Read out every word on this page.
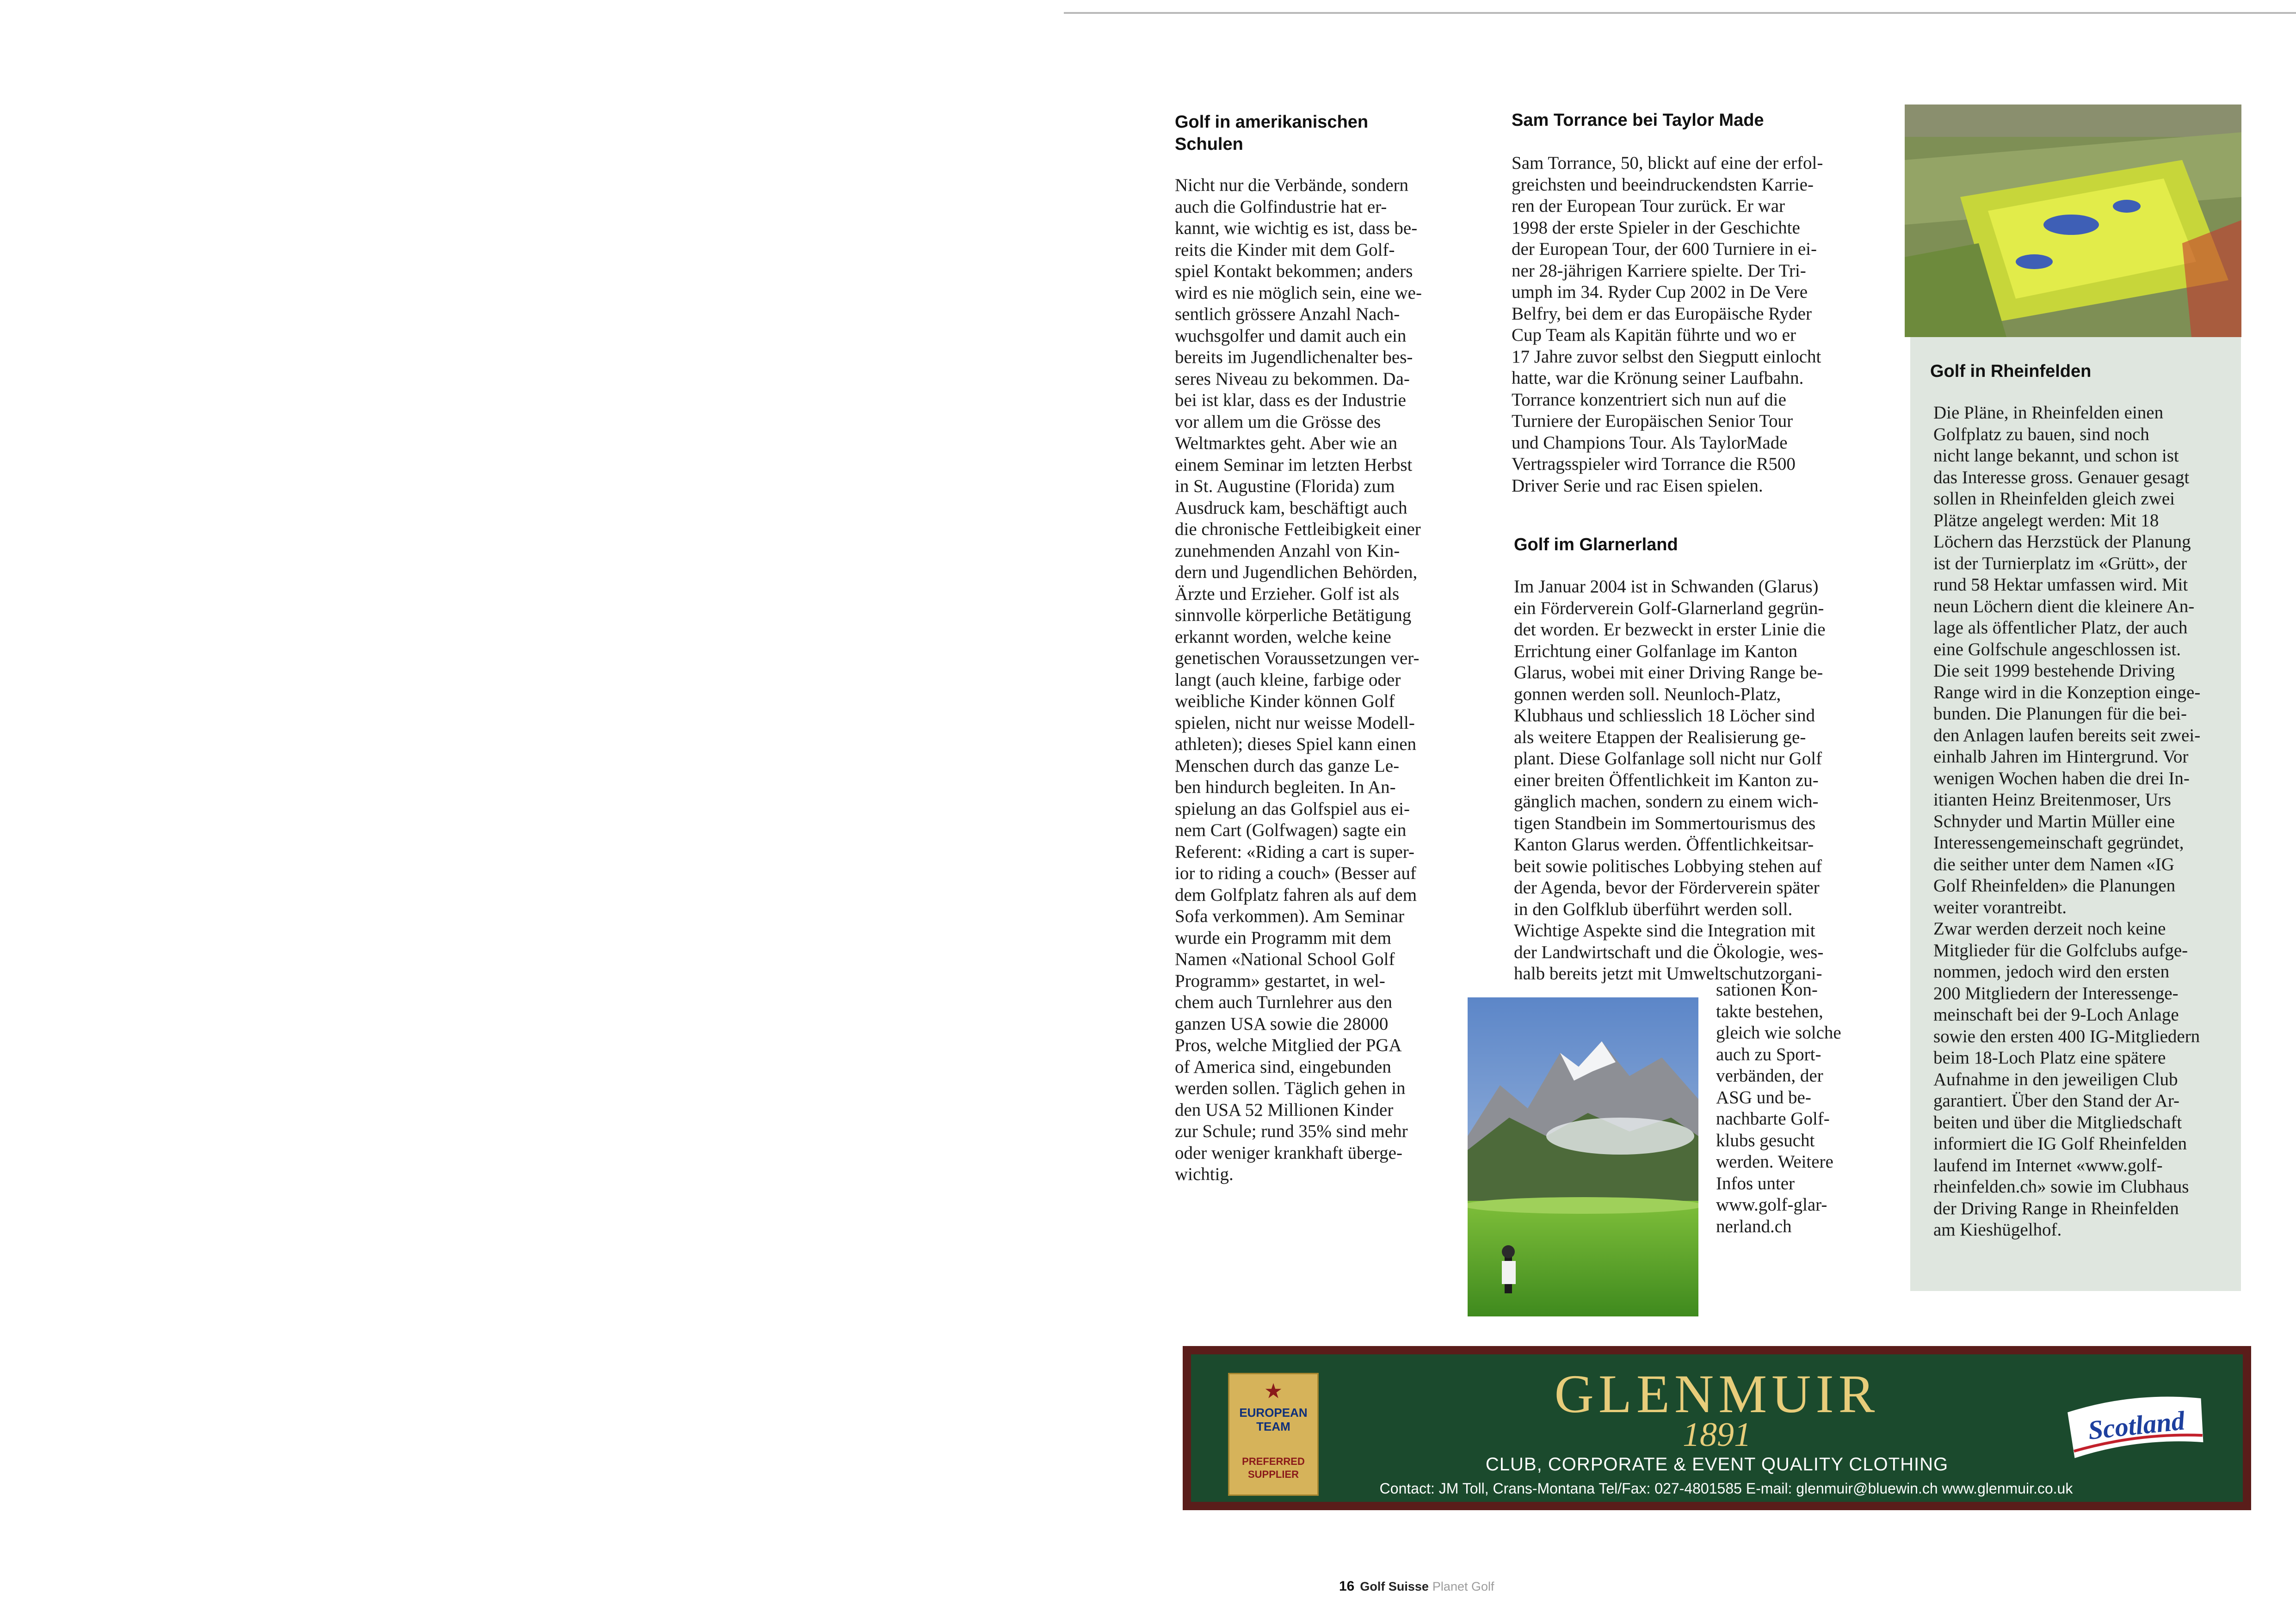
Golf in amerikanischen
Schulen

Nicht nur die Verbände, sondern
auch die Golfindustrie hat er-
kannt, wie wichtig es ist, dass be-
reits die Kinder mit dem Golf-
spiel Kontakt bekommen; anders
wird es nie möglich sein, eine we-
sentlich grössere Anzahl Nach-
wuchsgolfer und damit auch ein
bereits im Jugendlichenalter bes-
seres Niveau zu bekommen. Da-
bei ist klar, dass es der Industrie
vor allem um die Grösse des
Weltmarktes geht. Aber wie an
einem Seminar im letzten Herbst
in St. Augustine (Florida) zum
Ausdruck kam, beschäftigt auch
die chronische Fettleibigkeit einer
zunehmenden Anzahl von Kin-
dern und Jugendlichen Behörden,
Ärzte und Erzieher. Golf ist als
sinnvolle körperliche Betätigung
erkannt worden, welche keine
genetischen Voraussetzungen ver-
langt (auch kleine, farbige oder
weibliche Kinder können Golf
spielen, nicht nur weisse Modell-
athleten); dieses Spiel kann einen
Menschen durch das ganze Le-
ben hindurch begleiten. In An-
spielung an das Golfspiel aus ei-
nem Cart (Golfwagen) sagte ein
Referent: «Riding a cart is super-
ior to riding a couch» (Besser auf
dem Golfplatz fahren als auf dem
Sofa verkommen). Am Seminar
wurde ein Programm mit dem
Namen «National School Golf
Programm» gestartet, in wel-
chem auch Turnlehrer aus den
ganzen USA sowie die 28000
Pros, welche Mitglied der PGA
of America sind, eingebunden
werden sollen. Täglich gehen in
den USA 52 Millionen Kinder
zur Schule; rund 35% sind mehr
oder weniger krankhaft überge-
wichtig.

Sam Torrance bei Taylor Made

Sam Torrance, 50, blickt auf eine der erfol-
greichsten und beeindruckendsten Karrie-
ren der European Tour zurück. Er war
1998 der erste Spieler in der Geschichte
der European Tour, der 600 Turniere in ei-
ner 28-jährigen Karriere spielte. Der Tri-
umph im 34. Ryder Cup 2002 in De Vere
Belfry, bei dem er das Europäische Ryder
Cup Team als Kapitän führte und wo er
17 Jahre zuvor selbst den Siegputt einlocht
hatte, war die Krönung seiner Laufbahn.
Torrance konzentriert sich nun auf die
Turniere der Europäischen Senior Tour
und Champions Tour. Als TaylorMade
Vertragsspieler wird Torrance die R500
Driver Serie und rac Eisen spielen.

Golf im Glarnerland

Im Januar 2004 ist in Schwanden (Glarus)
ein Förderverein Golf-Glarnerland gegrün-
det worden. Er bezweckt in erster Linie die
Errichtung einer Golfanlage im Kanton
Glarus, wobei mit einer Driving Range be-
gonnen werden soll. Neunloch-Platz,
Klubhaus und schliesslich 18 Löcher sind
als weitere Etappen der Realisierung ge-
plant. Diese Golfanlage soll nicht nur Golf
einer breiten Öffentlichkeit im Kanton zu-
gänglich machen, sondern zu einem wich-
tigen Standbein im Sommertourismus des
Kanton Glarus werden. Öffentlichkeitsar-
beit sowie politisches Lobbying stehen auf
der Agenda, bevor der Förderverein später
in den Golfklub überführt werden soll.
Wichtige Aspekte sind die Integration mit
der Landwirtschaft und die Ökologie, wes-
halb bereits jetzt mit Umweltschutzorgani-

sationen Kon-
takte bestehen,
gleich wie solche
auch zu Sport-
verbänden, der
ASG und be-
nachbarte Golf-
klubs gesucht
werden. Weitere
Infos unter
www.golf-glar-
nerland.ch

Golf in Rheinfelden

Die Pläne, in Rheinfelden einen
Golfplatz zu bauen, sind noch
nicht lange bekannt, und schon ist
das Interesse gross. Genauer gesagt
sollen in Rheinfelden gleich zwei
Plätze angelegt werden: Mit 18
Löchern das Herzstück der Planung
ist der Turnierplatz im «Grütt», der
rund 58 Hektar umfassen wird. Mit
neun Löchern dient die kleinere An-
lage als öffentlicher Platz, der auch
eine Golfschule angeschlossen ist.
Die seit 1999 bestehende Driving
Range wird in die Konzeption einge-
bunden. Die Planungen für die bei-
den Anlagen laufen bereits seit zwei-
einhalb Jahren im Hintergrund. Vor
wenigen Wochen haben die drei In-
itianten Heinz Breitenmoser, Urs
Schnyder und Martin Müller eine
Interessengemeinschaft gegründet,
die seither unter dem Namen «IG
Golf Rheinfelden» die Planungen
weiter vorantreibt.
Zwar werden derzeit noch keine
Mitglieder für die Golfclubs aufge-
nommen, jedoch wird den ersten
200 Mitgliedern der Interessenge-
meinschaft bei der 9-Loch Anlage
sowie den ersten 400 IG-Mitgliedern
beim 18-Loch Platz eine spätere
Aufnahme in den jeweiligen Club
garantiert. Über den Stand der Ar-
beiten und über die Mitgliedschaft
informiert die IG Golf Rheinfelden
laufend im Internet «www.golf-
rheinfelden.ch» sowie im Clubhaus
der Driving Range in Rheinfelden
am Kieshügelhof.

★
EUROPEAN
TEAM
PREFERRED
SUPPLIER
GLENMUIR
1891
CLUB, CORPORATE & EVENT QUALITY CLOTHING
Contact: JM Toll, Crans-Montana Tel/Fax: 027-4801585 E-mail: glenmuir@bluewin.ch www.glenmuir.co.uk
Scotland
16 Golf Suisse Planet Golf
